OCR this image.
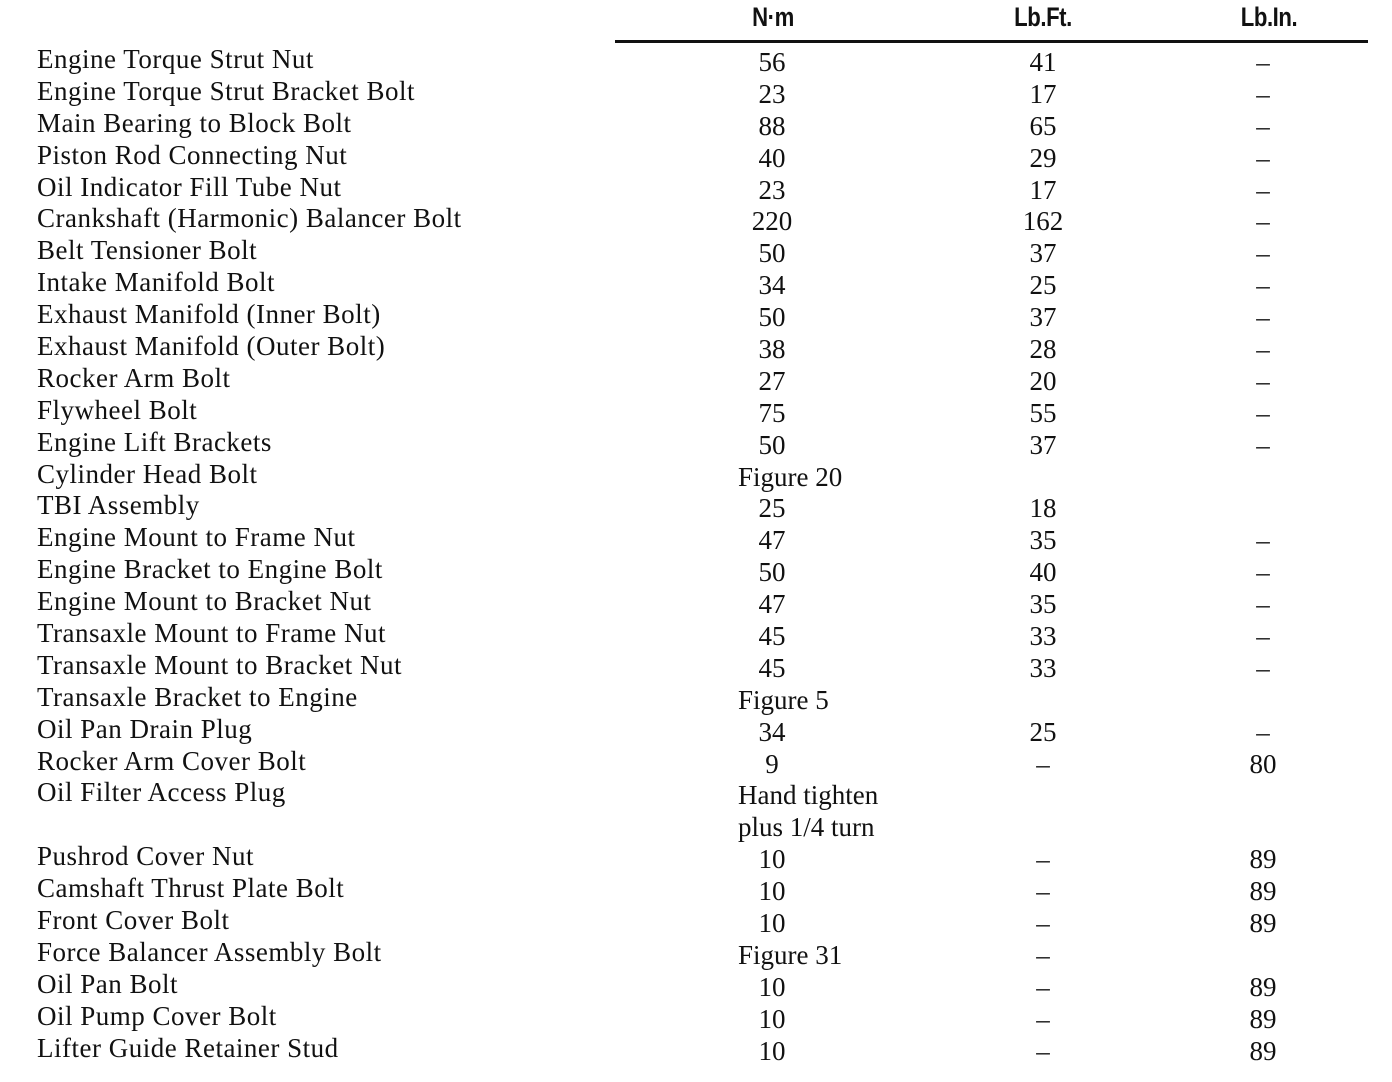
N·m	Lb.Ft.	Lb.In.
Engine Torque Strut Nut	56	41	–
Engine Torque Strut Bracket Bolt	23	17	–
Main Bearing to Block Bolt	88	65	–
Piston Rod Connecting Nut	40	29	–
Oil Indicator Fill Tube Nut	23	17	–
Crankshaft (Harmonic) Balancer Bolt	220	162	–
Belt Tensioner Bolt	50	37	–
Intake Manifold Bolt	34	25	–
Exhaust Manifold (Inner Bolt)	50	37	–
Exhaust Manifold (Outer Bolt)	38	28	–
Rocker Arm Bolt	27	20	–
Flywheel Bolt	75	55	–
Engine Lift Brackets	50	37	–
Cylinder Head Bolt	Figure 20
TBI Assembly	25	18
Engine Mount to Frame Nut	47	35	–
Engine Bracket to Engine Bolt	50	40	–
Engine Mount to Bracket Nut	47	35	–
Transaxle Mount to Frame Nut	45	33	–
Transaxle Mount to Bracket Nut	45	33	–
Transaxle Bracket to Engine	Figure 5
Oil Pan Drain Plug	34	25	–
Rocker Arm Cover Bolt	9	–	80
Oil Filter Access Plug	Hand tighten
plus 1/4 turn
Pushrod Cover Nut	10	–	89
Camshaft Thrust Plate Bolt	10	–	89
Front Cover Bolt	10	–	89
Force Balancer Assembly Bolt	Figure 31	–
Oil Pan Bolt	10	–	89
Oil Pump Cover Bolt	10	–	89
Lifter Guide Retainer Stud	10	–	89
